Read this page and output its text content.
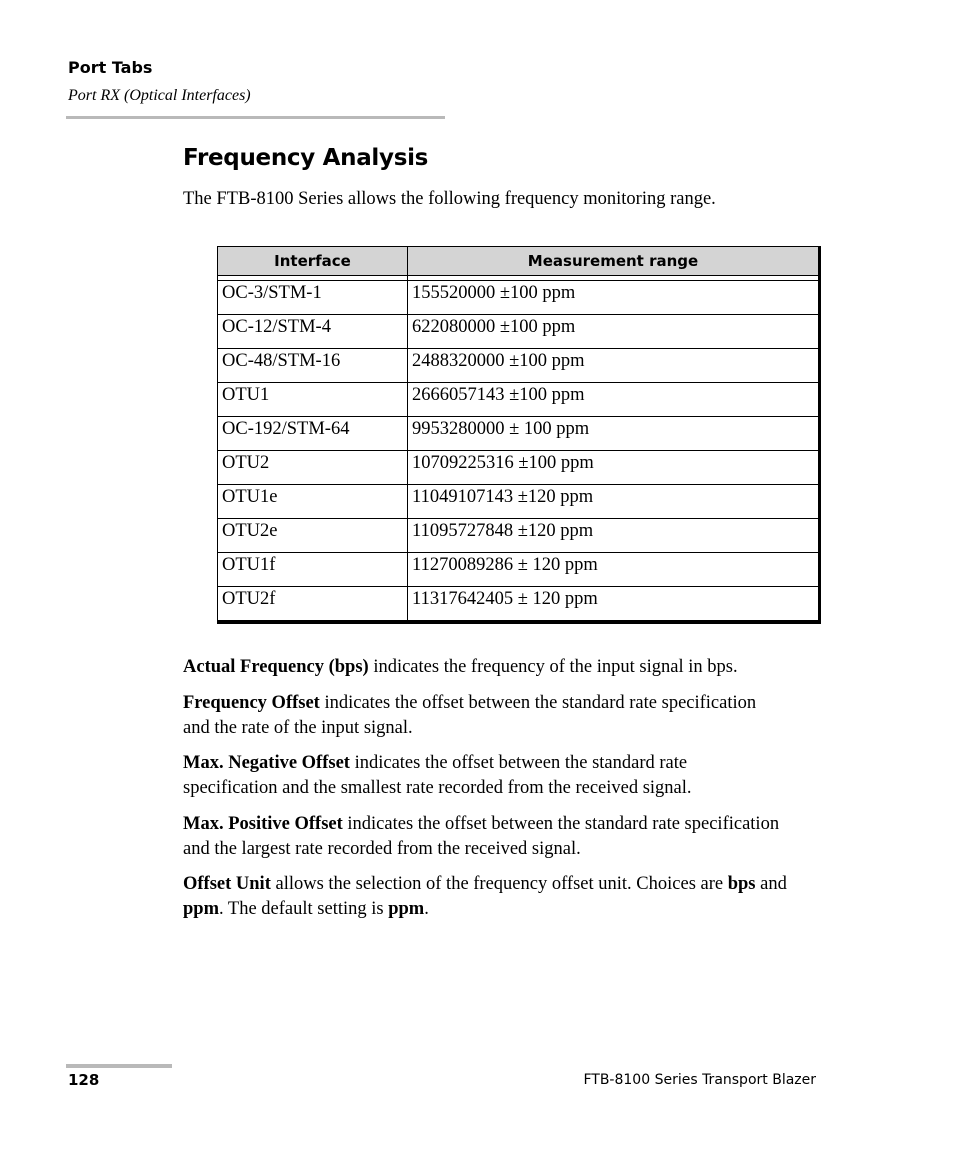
Port Tabs
Port RX (Optical Interfaces)
Frequency Analysis
The FTB-8100 Series allows the following frequency monitoring range.
Interface	Measurement range

OC-3/STM-1	155520000 ±100 ppm
OC-12/STM-4	622080000 ±100 ppm
OC-48/STM-16	2488320000 ±100 ppm
OTU1	2666057143 ±100 ppm
OC-192/STM-64	9953280000 ± 100 ppm
OTU2	10709225316 ±100 ppm
OTU1e	11049107143 ±120 ppm
OTU2e	11095727848 ±120 ppm
OTU1f	11270089286 ± 120 ppm
OTU2f	11317642405 ± 120 ppm
Actual Frequency (bps) indicates the frequency of the input signal in bps.
Frequency Offset indicates the offset between the standard rate specification and the rate of the input signal.
Max. Negative Offset indicates the offset between the standard rate specification and the smallest rate recorded from the received signal.
Max. Positive Offset indicates the offset between the standard rate specification and the largest rate recorded from the received signal.
Offset Unit allows the selection of the frequency offset unit. Choices are bps and ppm. The default setting is ppm.
128	FTB-8100 Series Transport Blazer
